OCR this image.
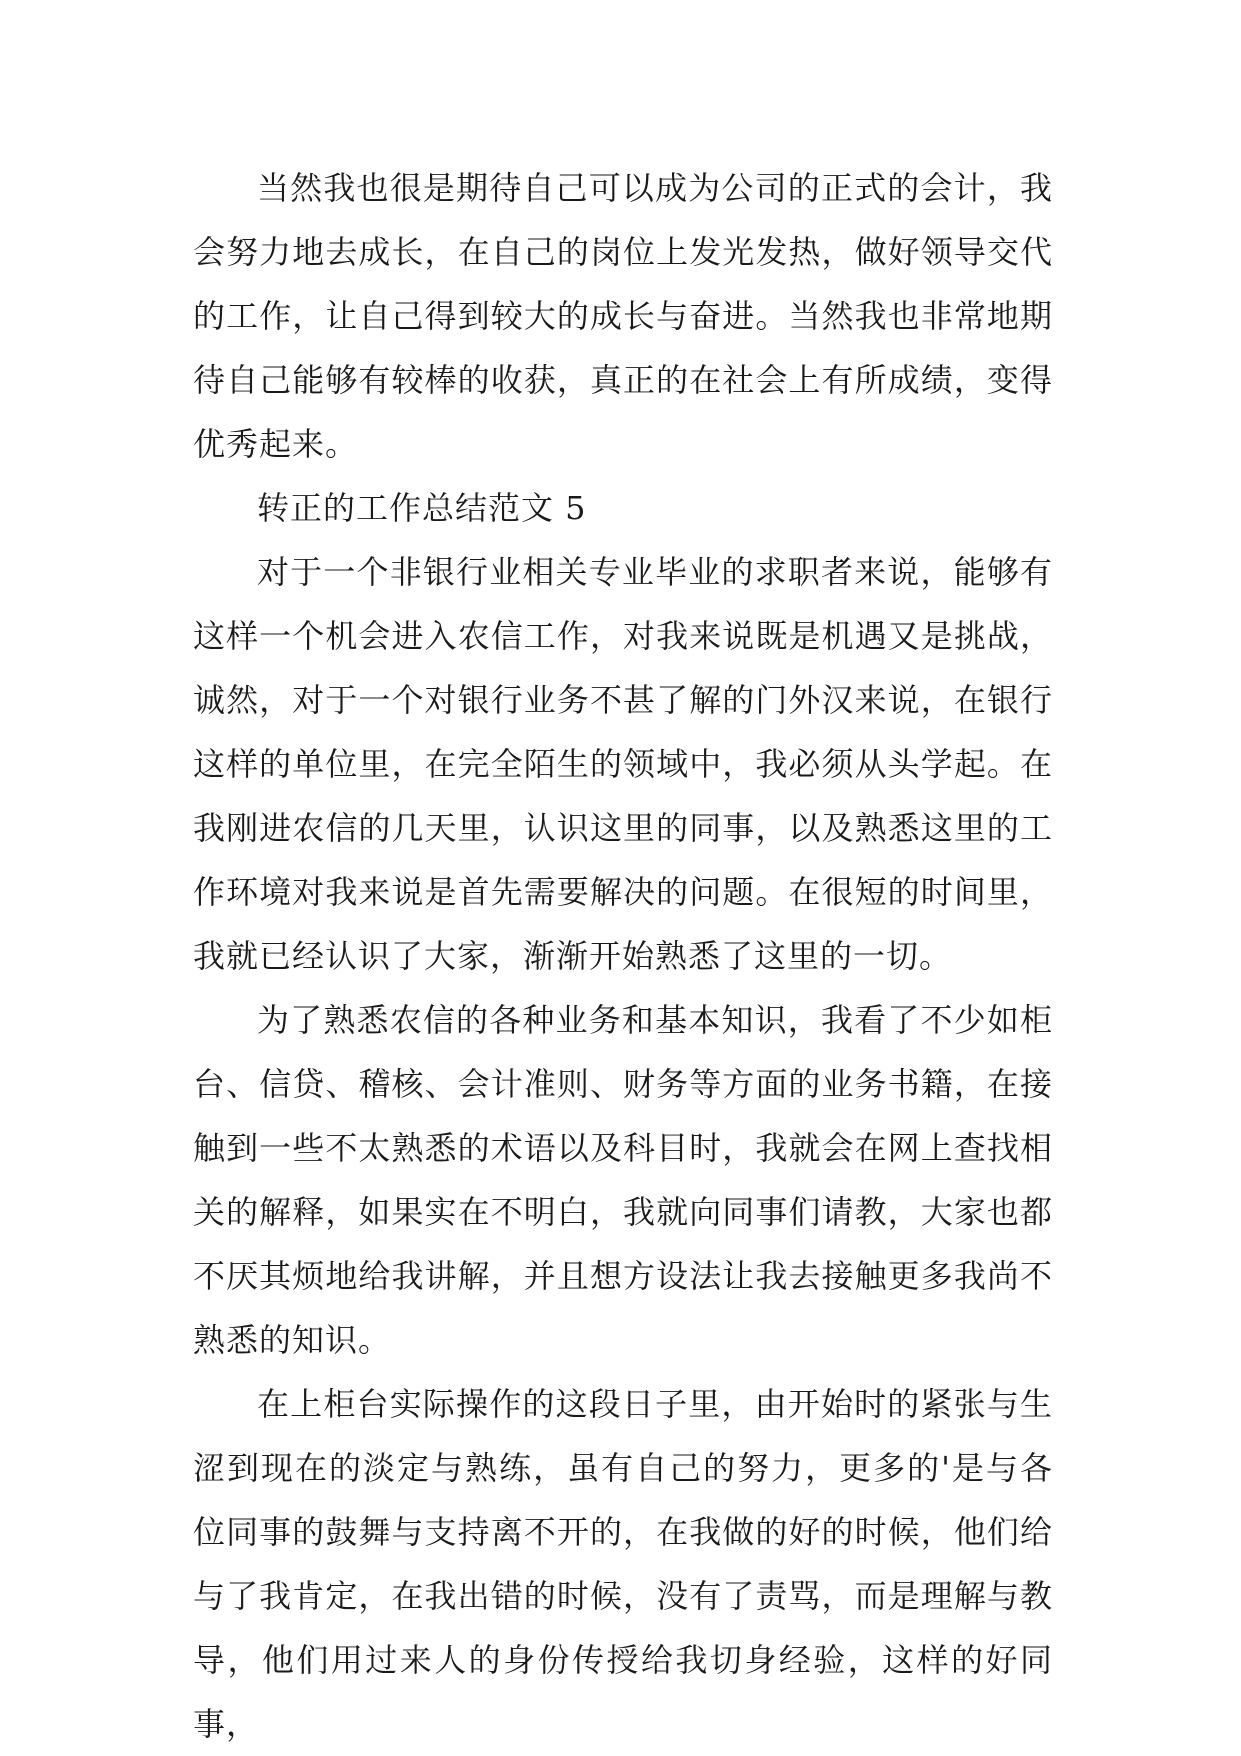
当然我也很是期待自己可以成为公司的正式的会计，我会努力地去成长，在自己的岗位上发光发热，做好领导交代的工作，让自己得到较大的成长与奋进。当然我也非常地期待自己能够有较棒的收获，真正的在社会上有所成绩，变得优秀起来。

转正的工作总结范文 5

对于一个非银行业相关专业毕业的求职者来说，能够有这样一个机会进入农信工作，对我来说既是机遇又是挑战，诚然，对于一个对银行业务不甚了解的门外汉来说，在银行这样的单位里，在完全陌生的领域中，我必须从头学起。在我刚进农信的几天里，认识这里的同事，以及熟悉这里的工作环境对我来说是首先需要解决的问题。在很短的时间里，我就已经认识了大家，渐渐开始熟悉了这里的一切。

为了熟悉农信的各种业务和基本知识，我看了不少如柜台、信贷、稽核、会计准则、财务等方面的业务书籍，在接触到一些不太熟悉的术语以及科目时，我就会在网上查找相关的解释，如果实在不明白，我就向同事们请教，大家也都不厌其烦地给我讲解，并且想方设法让我去接触更多我尚不熟悉的知识。

在上柜台实际操作的这段日子里，由开始时的紧张与生涩到现在的淡定与熟练，虽有自己的努力，更多的'是与各位同事的鼓舞与支持离不开的，在我做的好的时候，他们给与了我肯定，在我出错的时候，没有了责骂，而是理解与教导，他们用过来人的身份传授给我切身经验，这样的好同事，
